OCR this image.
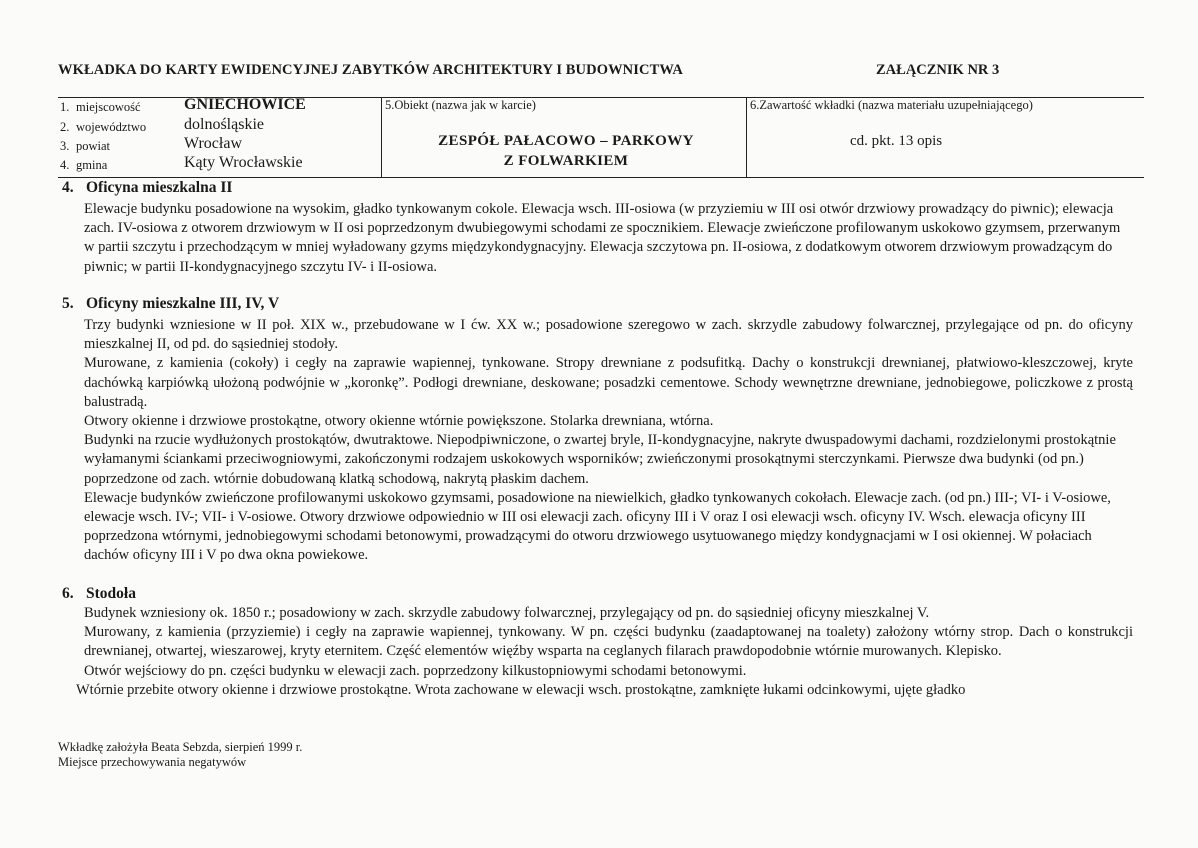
WKŁADKA DO KARTY EWIDENCYJNEJ ZABYTKÓW ARCHITEKTURY I BUDOWNICTWA	ZAŁĄCZNIK NR 3
1. miejscowość	GNIECHOWICE
2. województwo dolnośląskie
3. powiat	Wrocław
4. gmina	Kąty Wrocławskie
5.Obiekt (nazwa jak w karcie)
ZESPÓŁ PAŁACOWO – PARKOWY
Z FOLWARKIEM
6.Zawartość wkładki (nazwa materiału uzupełniającego)
cd. pkt. 13 opis
4. Oficyna mieszkalna II

Elewacje budynku posadowione na wysokim, gładko tynkowanym cokole. Elewacja wsch. III-osiowa (w przyziemiu w III osi otwór drzwiowy prowadzący do piwnic); elewacja zach. IV-osiowa z otworem drzwiowym w II osi poprzedzonym dwubiegowymi schodami ze spocznikiem. Elewacje zwieńczone profilowanym uskokowo gzymsem, przerwanym w partii szczytu i przechodzącym w mniej wyładowany gzyms międzykondygnacyjny. Elewacja szczytowa pn. II-osiowa, z dodatkowym otworem drzwiowym prowadzącym do piwnic; w partii II-kondygnacyjnego szczytu IV- i II-osiowa.

5. Oficyny mieszkalne III, IV, V

Trzy budynki wzniesione w II poł. XIX w., przebudowane w I ćw. XX w.; posadowione szeregowo w zach. skrzydle zabudowy folwarcznej, przylegające od pn. do oficyny mieszkalnej II, od pd. do sąsiedniej stodoły.

Murowane, z kamienia (cokoły) i cegły na zaprawie wapiennej, tynkowane. Stropy drewniane z podsufitką. Dachy o konstrukcji drewnianej, płatwiowo-kleszczowej, kryte dachówką karpiówką ułożoną podwójnie w „koronkę”. Podłogi drewniane, deskowane; posadzki cementowe. Schody wewnętrzne drewniane, jednobiegowe, policzkowe z prostą balustradą.

Otwory okienne i drzwiowe prostokątne, otwory okienne wtórnie powiększone. Stolarka drewniana, wtórna.

Budynki na rzucie wydłużonych prostokątów, dwutraktowe. Niepodpiwniczone, o zwartej bryle, II-kondygnacyjne, nakryte dwuspadowymi dachami, rozdzielonymi prostokątnie wyłamanymi ściankami przeciwogniowymi, zakończonymi rodzajem uskokowych wsporników; zwieńczonymi prosokątnymi sterczynkami. Pierwsze dwa budynki (od pn.) poprzedzone od zach. wtórnie dobudowaną klatką schodową, nakrytą płaskim dachem.

Elewacje budynków zwieńczone profilowanymi uskokowo gzymsami, posadowione na niewielkich, gładko tynkowanych cokołach. Elewacje zach. (od pn.) III-; VI- i V-osiowe, elewacje wsch. IV-; VII- i V-osiowe. Otwory drzwiowe odpowiednio w III osi elewacji zach. oficyny III i V oraz I osi elewacji wsch. oficyny IV. Wsch. elewacja oficyny III poprzedzona wtórnymi, jednobiegowymi schodami betonowymi, prowadzącymi do otworu drzwiowego usytuowanego między kondygnacjami w I osi okiennej. W połaciach dachów oficyny III i V po dwa okna powiekowe.

6. Stodoła

Budynek wzniesiony ok. 1850 r.; posadowiony w zach. skrzydle zabudowy folwarcznej, przylegający od pn. do sąsiedniej oficyny mieszkalnej V.

Murowany, z kamienia (przyziemie) i cegły na zaprawie wapiennej, tynkowany. W pn. części budynku (zaadaptowanej na toalety) założony wtórny strop. Dach o konstrukcji drewnianej, otwartej, wieszarowej, kryty eternitem. Część elementów więźby wsparta na ceglanych filarach prawdopodobnie wtórnie murowanych. Klepisko.

Otwór wejściowy do pn. części budynku w elewacji zach. poprzedzony kilkustopniowymi schodami betonowymi.

Wtórnie przebite otwory okienne i drzwiowe prostokątne. Wrota zachowane w elewacji wsch. prostokątne, zamknięte łukami odcinkowymi, ujęte gładko

Wkładkę założyła Beata Sebzda, sierpień 1999 r.
Miejsce przechowywania negatywów
